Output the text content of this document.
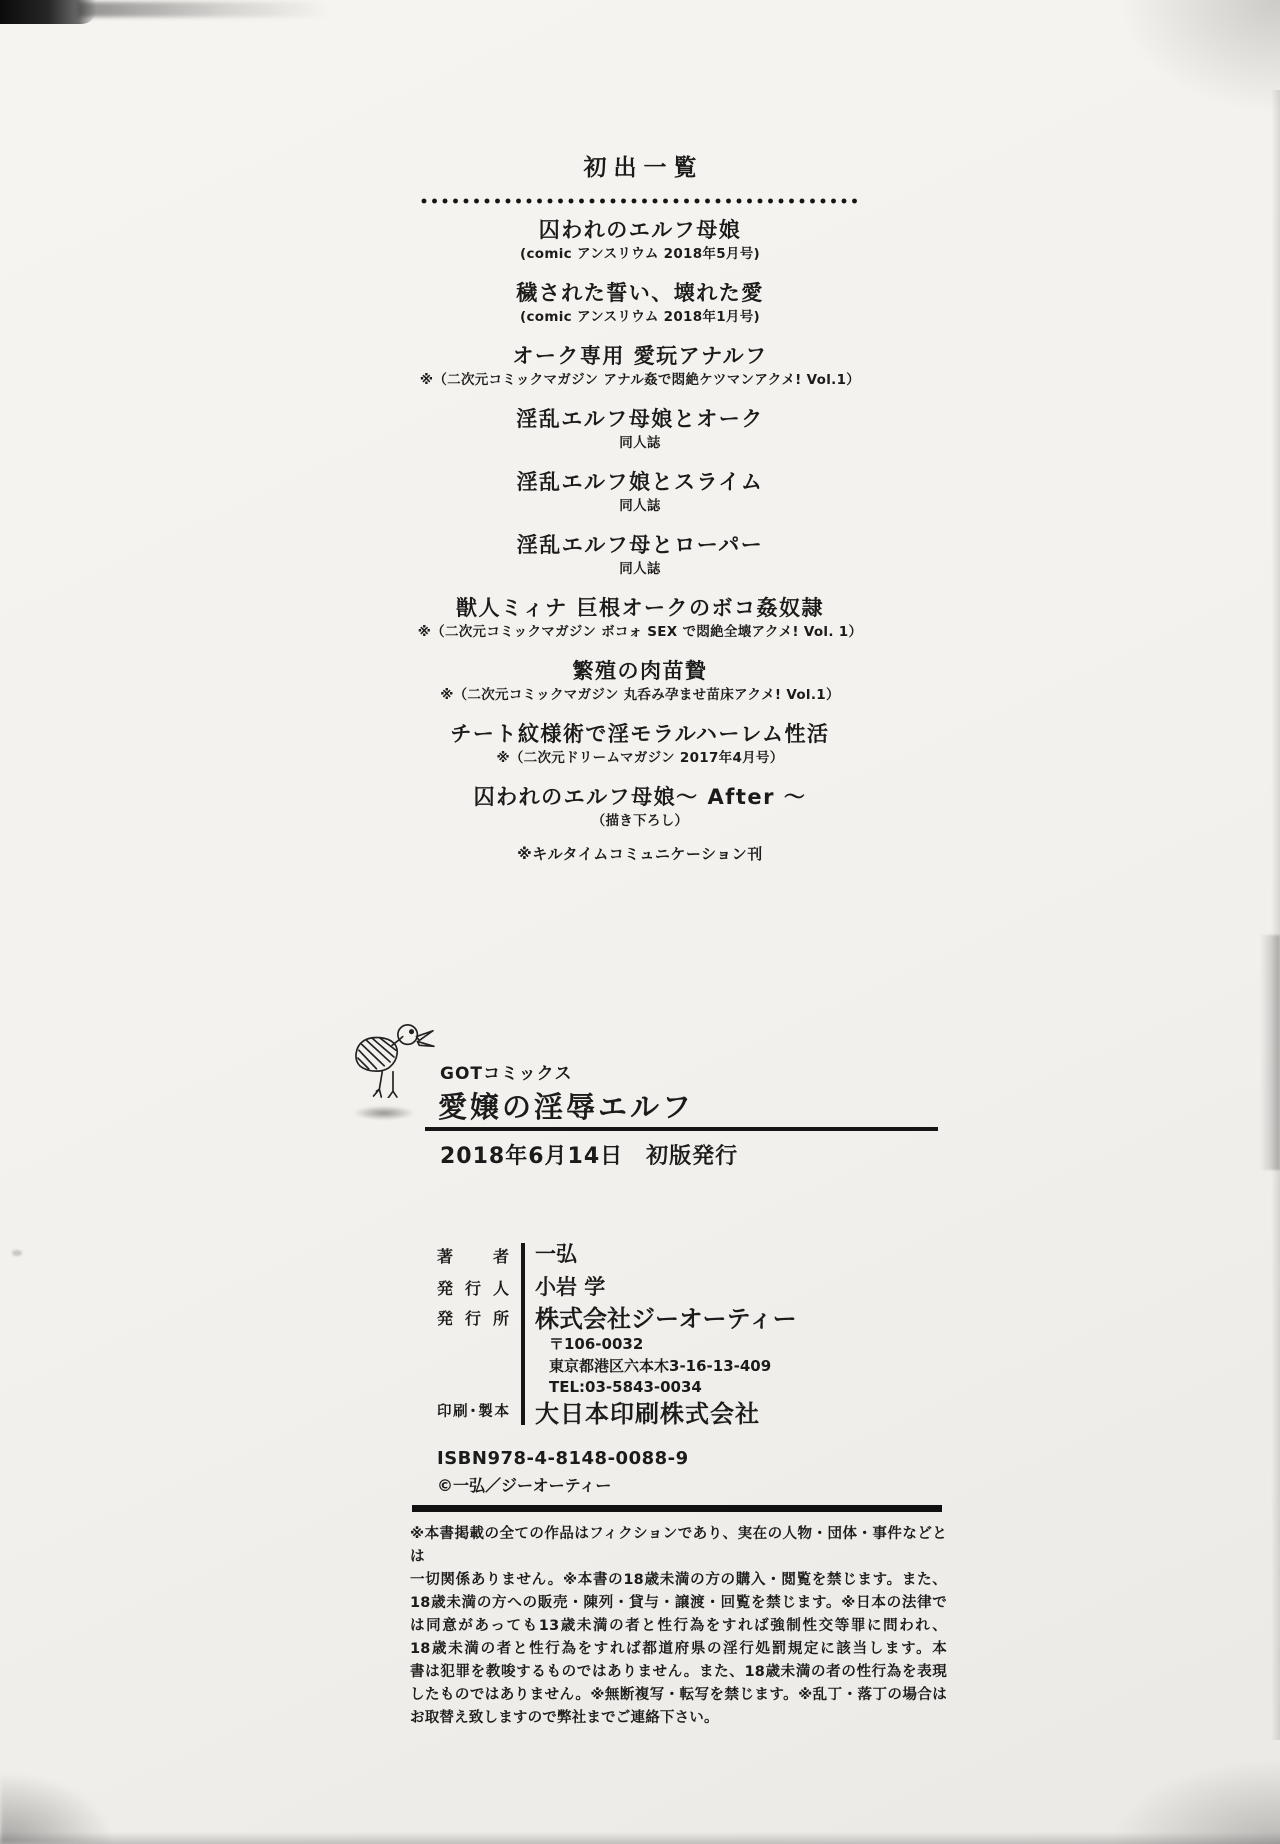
初出一覧
囚われのエルフ母娘
(comic アンスリウム 2018年5月号)
穢された誓い、壊れた愛
(comic アンスリウム 2018年1月号)
オーク専用 愛玩アナルフ
※（二次元コミックマガジン アナル姦で悶絶ケツマンアクメ! Vol.1）
淫乱エルフ母娘とオーク
同人誌
淫乱エルフ娘とスライム
同人誌
淫乱エルフ母とローパー
同人誌
獣人ミィナ 巨根オークのボコ姦奴隷
※（二次元コミックマガジン ボコォ SEX で悶絶全壊アクメ! Vol. 1）
繁殖の肉苗贄
※（二次元コミックマガジン 丸呑み孕ませ苗床アクメ! Vol.1）
チート紋様術で淫モラルハーレム性活
※（二次元ドリームマガジン 2017年4月号）
囚われのエルフ母娘～ After ～
（描き下ろし）
※キルタイムコミュニケーション刊
GOTコミックス
愛嬢の淫辱エルフ
2018年6月14日　初版発行
著 者 一弘
発 行 人 小岩 学
発 行 所 株式会社ジーオーティー
〒106-0032
東京都港区六本木3-16-13-409
TEL:03-5843-0034
印刷･製本 大日本印刷株式会社
ISBN978-4-8148-0088-9
©一弘／ジーオーティー
※本書掲載の全ての作品はフィクションであり、実在の人物・団体・事件などとは
一切関係ありません。※本書の18歳未満の方の購入・閲覧を禁じます。また、
18歳未満の方への販売・陳列・貸与・譲渡・回覧を禁じます。※日本の法律で
は同意があっても13歳未満の者と性行為をすれば強制性交等罪に問われ、
18歳未満の者と性行為をすれば都道府県の淫行処罰規定に該当します。本
書は犯罪を教唆するものではありません。また、18歳未満の者の性行為を表現
したものではありません。※無断複写・転写を禁じます。※乱丁・落丁の場合は
お取替え致しますので弊社までご連絡下さい。
